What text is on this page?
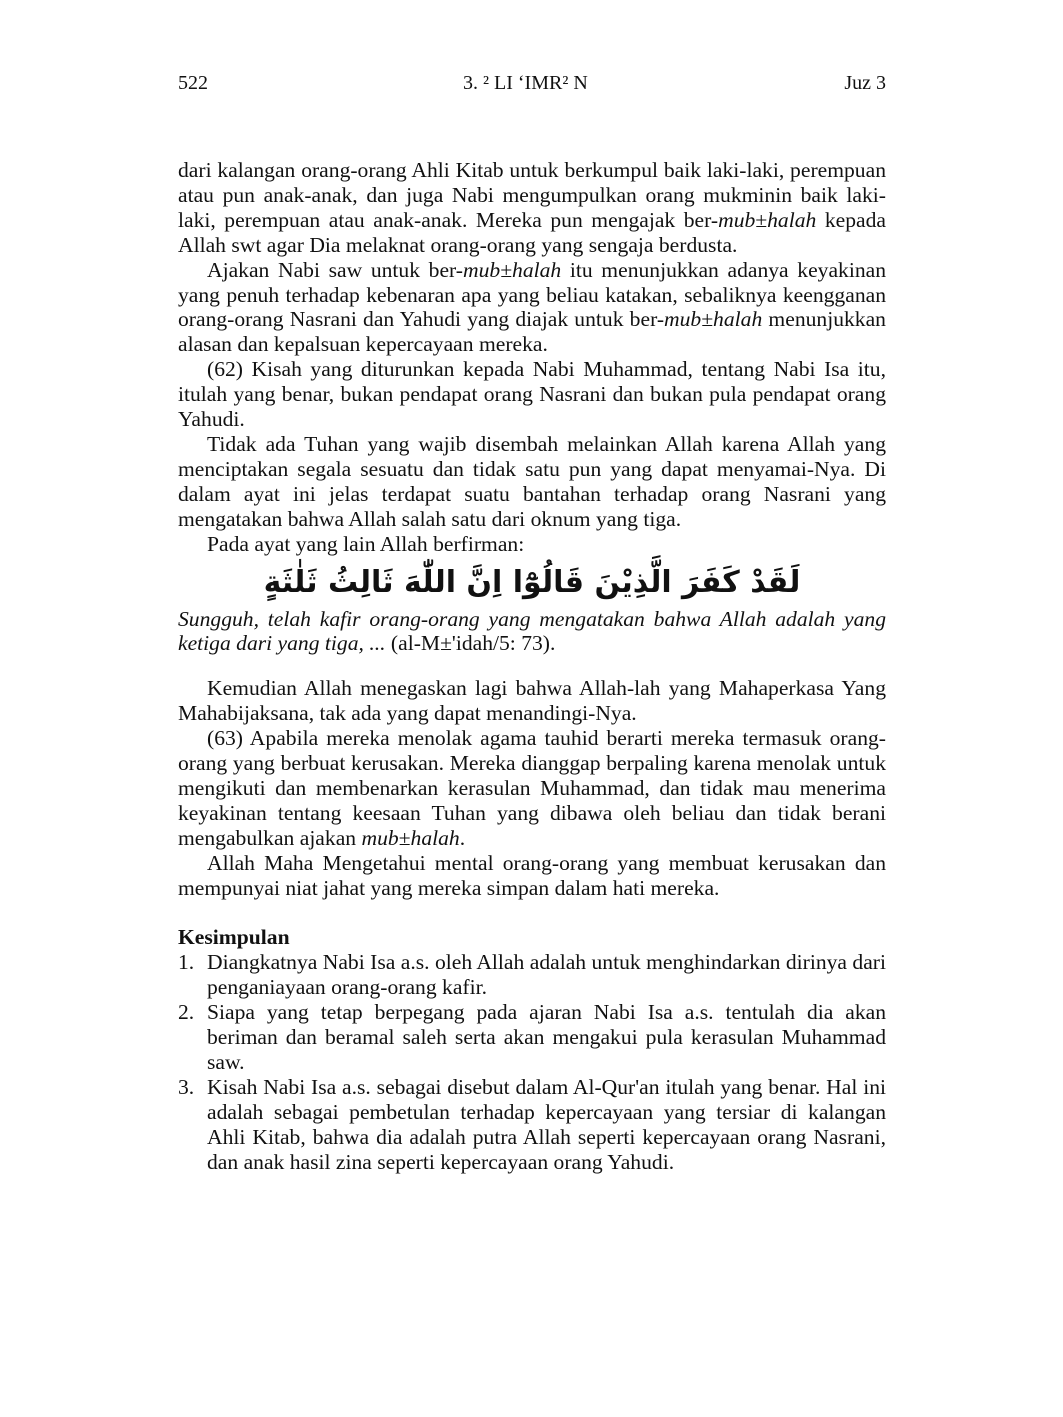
522	3. ² LI ‘IMR² N	Juz 3

dari kalangan orang-orang Ahli Kitab untuk berkumpul baik laki-laki, perempuan atau pun anak-anak, dan juga Nabi mengumpulkan orang mukminin baik laki-laki, perempuan atau anak-anak. Mereka pun mengajak ber-mub±halah kepada Allah swt agar Dia melaknat orang-orang yang sengaja berdusta.

Ajakan Nabi saw untuk ber-mub±halah itu menunjukkan adanya keyakinan yang penuh terhadap kebenaran apa yang beliau katakan, sebaliknya keengganan orang-orang Nasrani dan Yahudi yang diajak untuk ber-mub±halah menunjukkan alasan dan kepalsuan kepercayaan mereka.

(62) Kisah yang diturunkan kepada Nabi Muhammad, tentang Nabi Isa itu, itulah yang benar, bukan pendapat orang Nasrani dan bukan pula pendapat orang Yahudi.

Tidak ada Tuhan yang wajib disembah melainkan Allah karena Allah yang menciptakan segala sesuatu dan tidak satu pun yang dapat menyamai-Nya. Di dalam ayat ini jelas terdapat suatu bantahan terhadap orang Nasrani yang mengatakan bahwa Allah salah satu dari oknum yang tiga.

Pada ayat yang lain Allah berfirman:

لَقَدْ كَفَرَ الَّذِيْنَ قَالُوْٓا اِنَّ اللّٰهَ ثَالِثُ ثَلٰثَةٍ

Sungguh, telah kafir orang-orang yang mengatakan bahwa Allah adalah yang ketiga dari yang tiga, ... (al-M±'idah/5: 73).

Kemudian Allah menegaskan lagi bahwa Allah-lah yang Mahaperkasa Yang Mahabijaksana, tak ada yang dapat menandingi-Nya.

(63) Apabila mereka menolak agama tauhid berarti mereka termasuk orang-orang yang berbuat kerusakan. Mereka dianggap berpaling karena menolak untuk mengikuti dan membenarkan kerasulan Muhammad, dan tidak mau menerima keyakinan tentang keesaan Tuhan yang dibawa oleh beliau dan tidak berani mengabulkan ajakan mub±halah.

Allah Maha Mengetahui mental orang-orang yang membuat kerusakan dan mempunyai niat jahat yang mereka simpan dalam hati mereka.

Kesimpulan
1. Diangkatnya Nabi Isa a.s. oleh Allah adalah untuk menghindarkan dirinya dari penganiayaan orang-orang kafir.
2. Siapa yang tetap berpegang pada ajaran Nabi Isa a.s. tentulah dia akan beriman dan beramal saleh serta akan mengakui pula kerasulan Muhammad saw.
3. Kisah Nabi Isa a.s. sebagai disebut dalam Al-Qur'an itulah yang benar. Hal ini adalah sebagai pembetulan terhadap kepercayaan yang tersiar di kalangan Ahli Kitab, bahwa dia adalah putra Allah seperti kepercayaan orang Nasrani, dan anak hasil zina seperti kepercayaan orang Yahudi.
